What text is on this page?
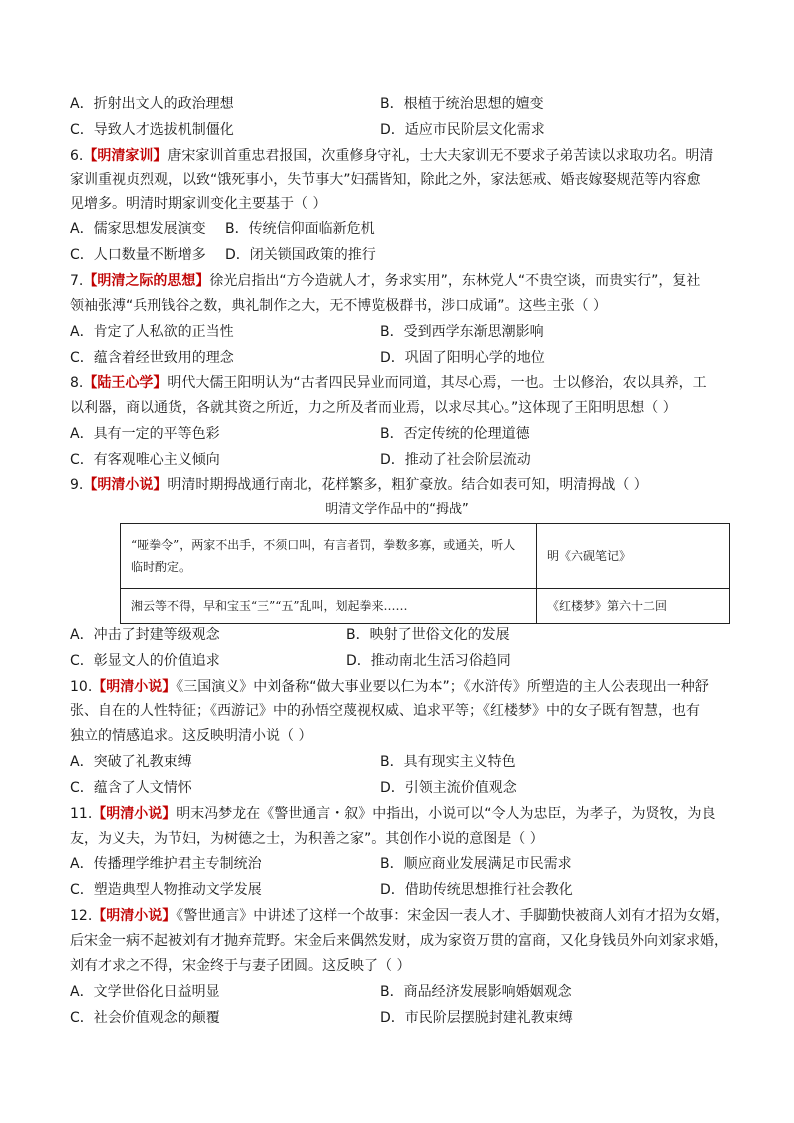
A．折射出文人的政治理想	B．根植于统治思想的嬗变
C．导致人才选拔机制僵化	D．适应市民阶层文化需求
6.【明清家训】唐宋家训首重忠君报国，次重修身守礼，士大夫家训无不要求子弟苦读以求取功名。明清
家训重视贞烈观，以致“饿死事小，失节事大”妇孺皆知，除此之外，家法惩戒、婚丧嫁娶规范等内容愈
见增多。明清时期家训变化主要基于（ ）
A．儒家思想发展演变 B．传统信仰面临新危机
C．人口数量不断增多 D．闭关锁国政策的推行
7.【明清之际的思想】徐光启指出“方今造就人才，务求实用”，东林党人“不贵空谈，而贵实行”，复社
领袖张溥“兵刑钱谷之数，典礼制作之大，无不博览极群书，涉口成诵”。这些主张（ ）
A．肯定了人私欲的正当性	B．受到西学东渐思潮影响
C．蕴含着经世致用的理念	D．巩固了阳明心学的地位
8.【陆王心学】明代大儒王阳明认为“古者四民异业而同道，其尽心焉，一也。士以修治，农以具养，工
以利器，商以通货，各就其资之所近，力之所及者而业焉，以求尽其心。”这体现了王阳明思想（ ）
A．具有一定的平等色彩	B．否定传统的伦理道德
C．有客观唯心主义倾向	D．推动了社会阶层流动
9.【明清小说】明清时期拇战通行南北，花样繁多，粗犷豪放。结合如表可知，明清拇战（ ）
明清文学作品中的“拇战”
“哑拳令”，两家不出手，不须口叫，有言者罚，拳数多寡，或通关，听人临时酌定。	明《六砚笔记》
湘云等不得，早和宝玉“三”“五”乱叫，划起拳来……	《红楼梦》第六十二回
A．冲击了封建等级观念	B．映射了世俗文化的发展
C．彰显文人的价值追求	D．推动南北生活习俗趋同
10.【明清小说】《三国演义》中刘备称“做大事业要以仁为本”；《水浒传》所塑造的主人公表现出一种舒
张、自在的人性特征；《西游记》中的孙悟空蔑视权威、追求平等；《红楼梦》中的女子既有智慧，也有
独立的情感追求。这反映明清小说（ ）
A．突破了礼教束缚	B．具有现实主义特色
C．蕴含了人文情怀	D．引领主流价值观念
11.【明清小说】明末冯梦龙在《警世通言・叙》中指出，小说可以“令人为忠臣，为孝子，为贤牧，为良
友，为义夫，为节妇，为树德之士，为积善之家”。其创作小说的意图是（ ）
A．传播理学维护君主专制统治	B．顺应商业发展满足市民需求
C．塑造典型人物推动文学发展	D．借助传统思想推行社会教化
12.【明清小说】《警世通言》中讲述了这样一个故事：宋金因一表人才、手脚勤快被商人刘有才招为女婿，
后宋金一病不起被刘有才抛弃荒野。宋金后来偶然发财，成为家资万贯的富商，又化身钱员外向刘家求婚，
刘有才求之不得，宋金终于与妻子团圆。这反映了（ ）
A．文学世俗化日益明显	B．商品经济发展影响婚姻观念
C．社会价值观念的颠覆	D．市民阶层摆脱封建礼教束缚
